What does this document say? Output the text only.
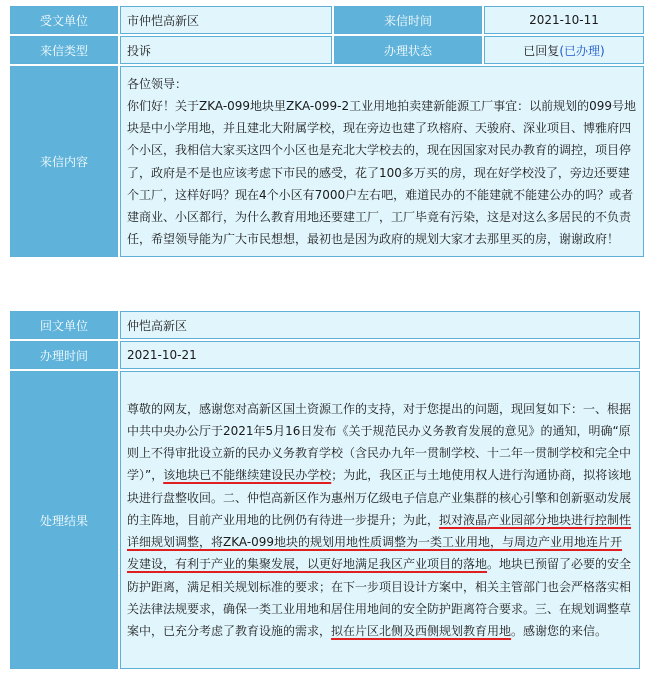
受文单位	市仲恺高新区	来信时间	2021-10-11
来信类型	投诉	办理状态	已回复(已办理)
来信内容	各位领导：

你们好！关于ZKA-099地块里ZKA-099-2工业用地拍卖建新能源工厂事宜：以前规划的099号地块是中小学用地，并且建北大附属学校，现在旁边也建了玖榕府、天骏府、深业项目、博雅府四个小区，我相信大家买这四个小区也是充北大学校去的，现在因国家对民办教育的调控，项目停了，政府是不是也应该考虑下市民的感受，花了100多万买的房，现在好学校没了，旁边还要建个工厂，这样好吗？现在4个小区有7000户左右吧，难道民办的不能建就不能建公办的吗？或者建商业、小区都行，为什么教育用地还要建工厂，工厂毕竟有污染，这是对这么多居民的不负责任，希望领导能为广大市民想想，最初也是因为政府的规划大家才去那里买的房，谢谢政府！		

回文单位	仲恺高新区
办理时间	2021-10-21
处理结果	尊敬的网友，感谢您对高新区国土资源工作的支持，对于您提出的问题，现回复如下：一、根据中共中央办公厅于2021年5月16日发布《关于规范民办义务教育发展的意见》的通知，明确“原则上不得审批设立新的民办义务教育学校（含民办九年一贯制学校、十二年一贯制学校和完全中学）”，该地块已不能继续建设民办学校；为此，我区正与土地使用权人进行沟通协商，拟将该地块进行盘整收回。二、仲恺高新区作为惠州万亿级电子信息产业集群的核心引擎和创新驱动发展的主阵地，目前产业用地的比例仍有待进一步提升；为此，拟对液晶产业园部分地块进行控制性详细规划调整，将ZKA-099地块的规划用地性质调整为一类工业用地，与周边产业用地连片开发建设，有利于产业的集聚发展，以更好地满足我区产业项目的落地。地块已预留了必要的安全防护距离，满足相关规划标准的要求；在下一步项目设计方案中，相关主管部门也会严格落实相关法律法规要求，确保一类工业用地和居住用地间的安全防护距离符合要求。三、在规划调整草案中，已充分考虑了教育设施的需求，拟在片区北侧及西侧规划教育用地。感谢您的来信。
